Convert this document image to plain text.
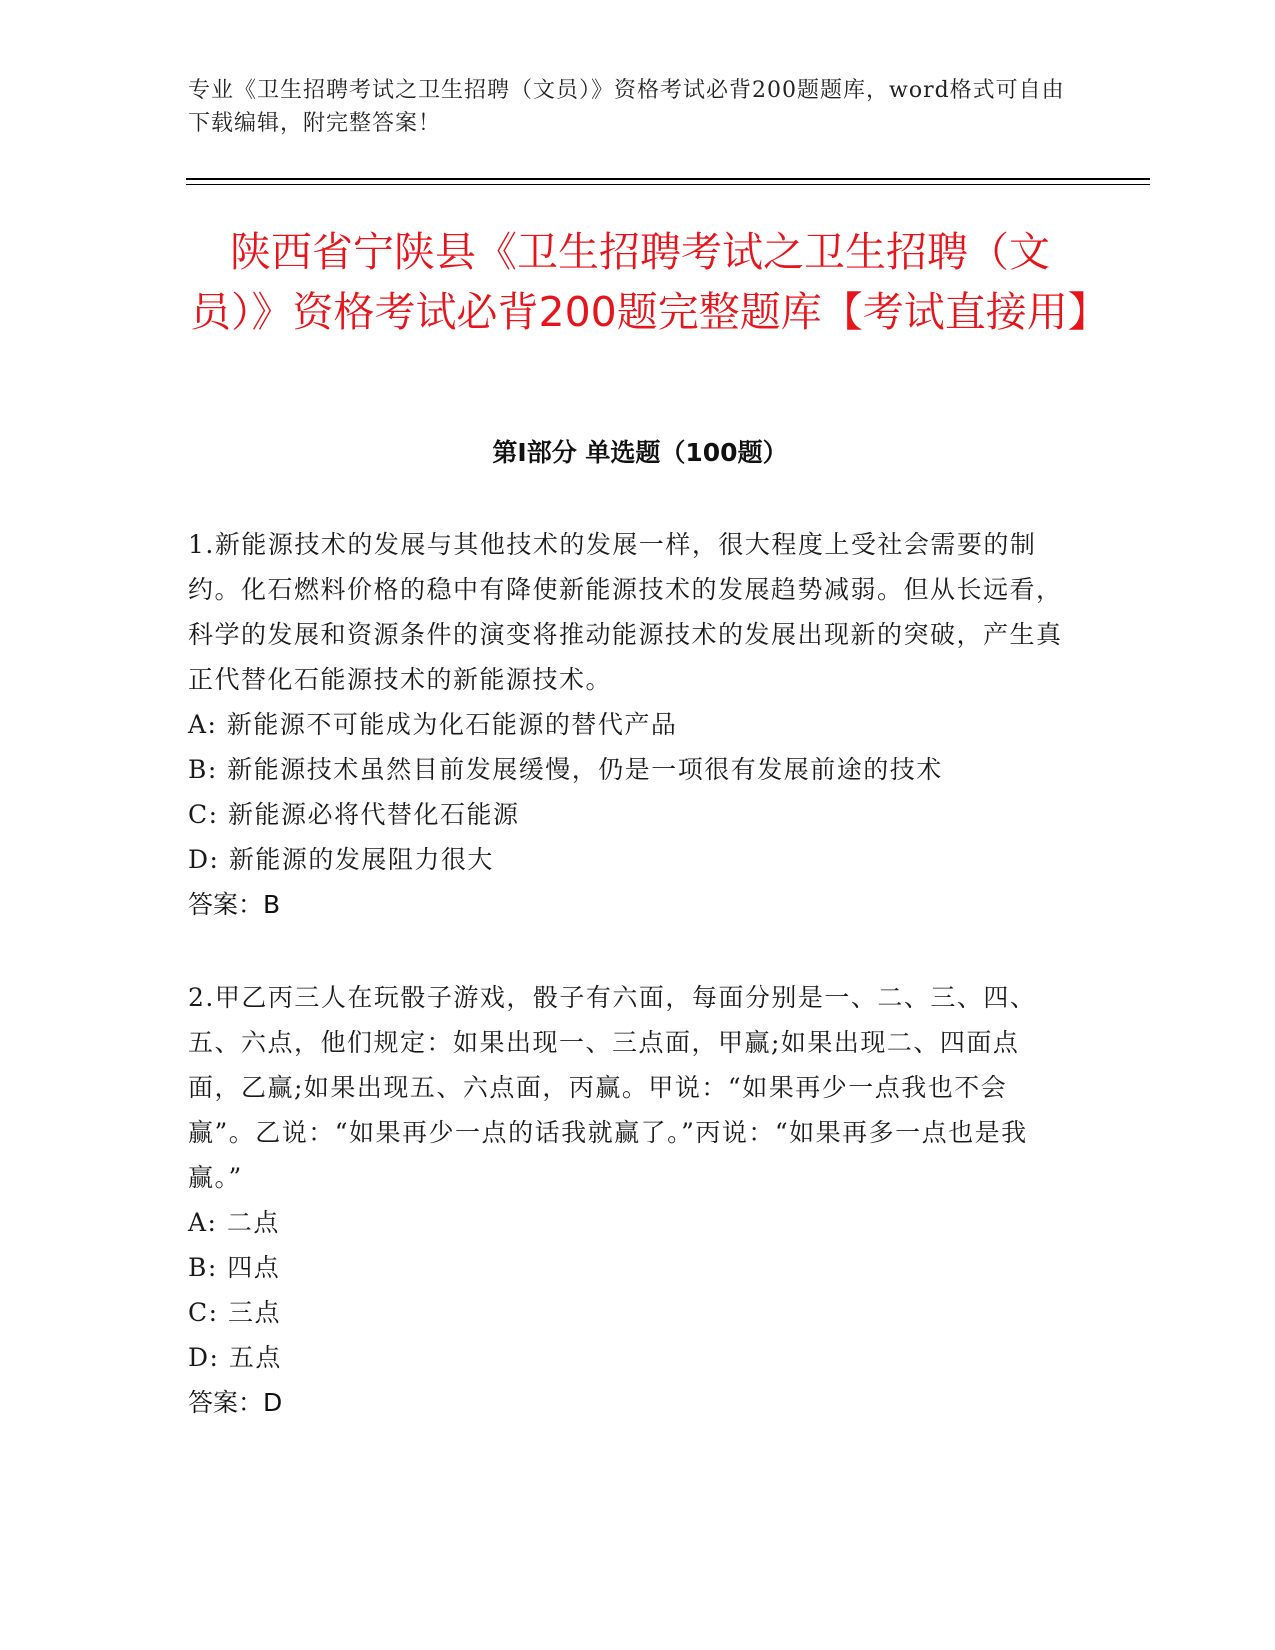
专业《卫生招聘考试之卫生招聘（文员）》资格考试必背200题题库，word格式可自由下载编辑，附完整答案！
陕西省宁陕县《卫生招聘考试之卫生招聘（文员）》资格考试必背200题完整题库【考试直接用】
第Ⅰ部分 单选题（100题）

1.新能源技术的发展与其他技术的发展一样，很大程度上受社会需要的制约。化石燃料价格的稳中有降使新能源技术的发展趋势减弱。但从长远看，科学的发展和资源条件的演变将推动能源技术的发展出现新的突破，产生真正代替化石能源技术的新能源技术。

A: 新能源不可能成为化石能源的替代产品

B: 新能源技术虽然目前发展缓慢，仍是一项很有发展前途的技术

C: 新能源必将代替化石能源

D: 新能源的发展阻力很大

答案：B

2.甲乙丙三人在玩骰子游戏，骰子有六面，每面分别是一、二、三、四、五、六点，他们规定：如果出现一、三点面，甲赢;如果出现二、四面点面，乙赢;如果出现五、六点面，丙赢。甲说：“如果再少一点我也不会赢”。乙说：“如果再少一点的话我就赢了。”丙说：“如果再多一点也是我赢。”

A: 二点

B: 四点

C: 三点

D: 五点

答案：D
